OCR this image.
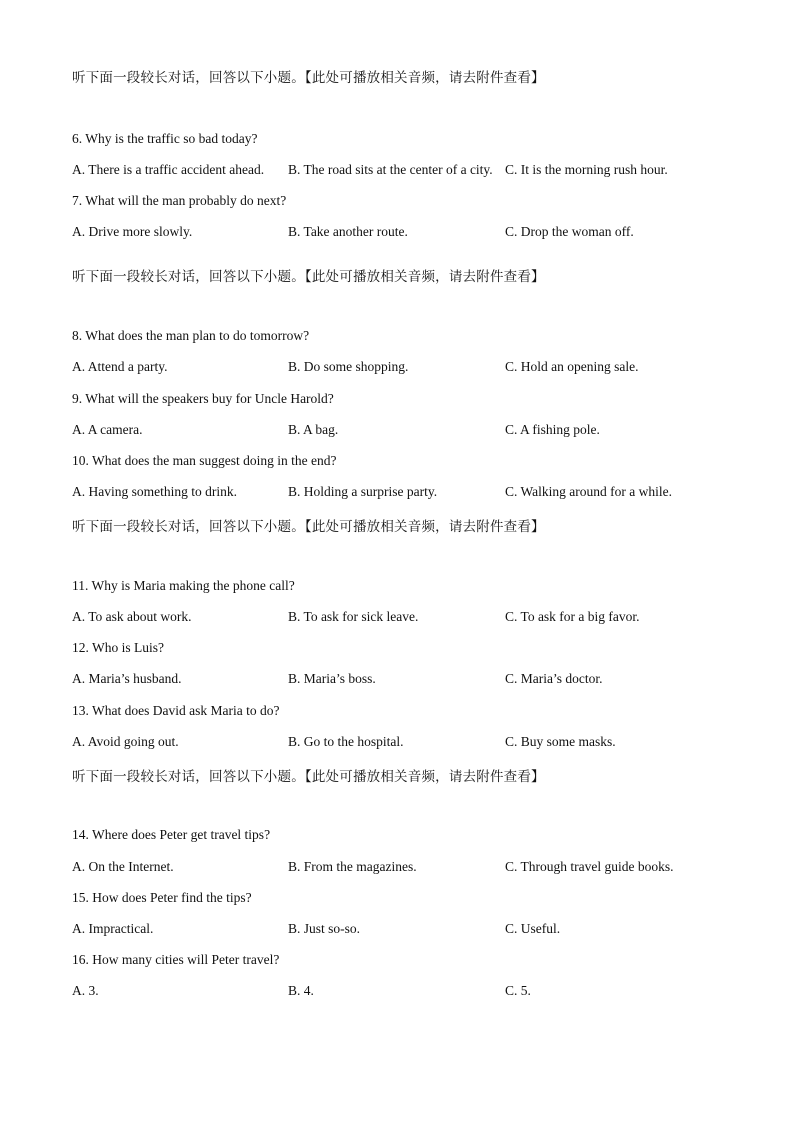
听下面一段较长对话，回答以下小题。【此处可播放相关音频，请去附件查看】
6. Why is the traffic so bad today?
A. There is a traffic accident ahead. B. The road sits at the center of a city. C. It is the morning rush hour.
7. What will the man probably do next?
A. Drive more slowly.	B. Take another route.	C. Drop the woman off.
听下面一段较长对话，回答以下小题。【此处可播放相关音频，请去附件查看】
8. What does the man plan to do tomorrow?
A. Attend a party.	B. Do some shopping.	C. Hold an opening sale.
9. What will the speakers buy for Uncle Harold?
A. A camera.	B. A bag.	C. A fishing pole.
10. What does the man suggest doing in the end?
A. Having something to drink.	B. Holding a surprise party.	C. Walking around for a while.
听下面一段较长对话，回答以下小题。【此处可播放相关音频，请去附件查看】
11. Why is Maria making the phone call?
A. To ask about work.	B. To ask for sick leave.	C. To ask for a big favor.
12. Who is Luis?
A. Maria’s husband.	B. Maria’s boss.	C. Maria’s doctor.
13. What does David ask Maria to do?
A. Avoid going out.	B. Go to the hospital.	C. Buy some masks.
听下面一段较长对话，回答以下小题。【此处可播放相关音频，请去附件查看】
14. Where does Peter get travel tips?
A. On the Internet.	B. From the magazines.	C. Through travel guide books.
15. How does Peter find the tips?
A. Impractical.	B. Just so-so.	C. Useful.
16. How many cities will Peter travel?
A. 3.	B. 4.	C. 5.
